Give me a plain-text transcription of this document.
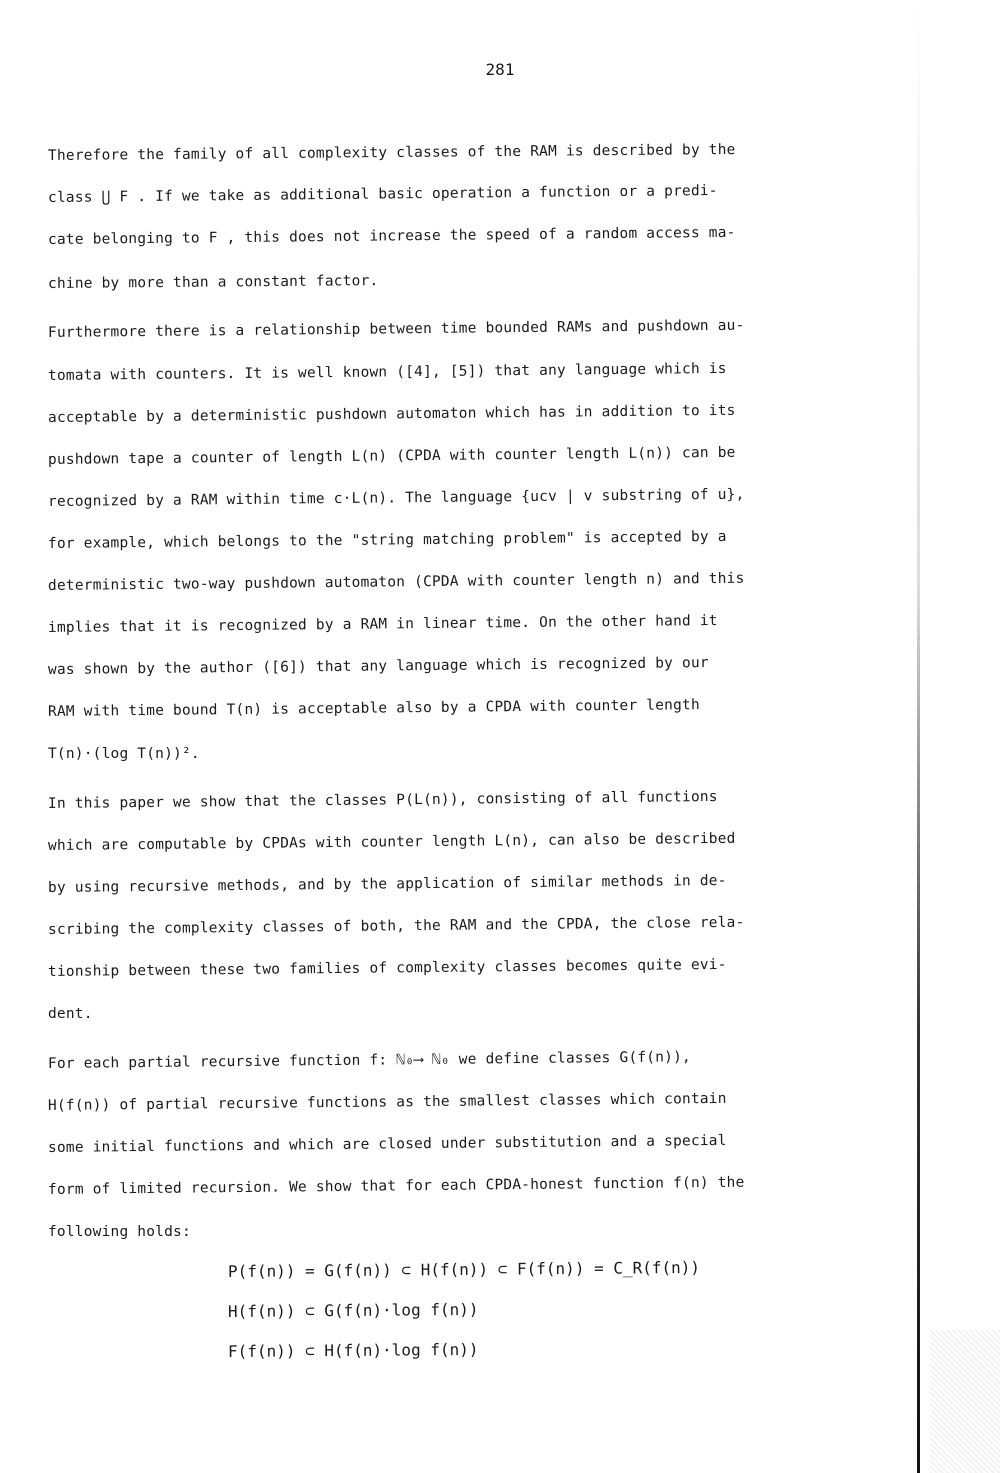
281
Therefore the family of all complexity classes of the RAM is described by the
class ⋃ F . If we take as additional basic operation a function or a predi-
cate belonging to F , this does not increase the speed of a random access ma-
chine by more than a constant factor.
Furthermore there is a relationship between time bounded RAMs and pushdown au-
tomata with counters. It is well known ([4], [5]) that any language which is
acceptable by a deterministic pushdown automaton which has in addition to its
pushdown tape a counter of length L(n) (CPDA with counter length L(n)) can be
recognized by a RAM within time c·L(n). The language {ucv | v substring of u},
for example, which belongs to the "string matching problem" is accepted by a
deterministic two-way pushdown automaton (CPDA with counter length n) and this
implies that it is recognized by a RAM in linear time. On the other hand it
was shown by the author ([6]) that any language which is recognized by our
RAM with time bound T(n) is acceptable also by a CPDA with counter length
T(n)·(log T(n))².
In this paper we show that the classes P(L(n)), consisting of all functions
which are computable by CPDAs with counter length L(n), can also be described
by using recursive methods, and by the application of similar methods in de-
scribing the complexity classes of both, the RAM and the CPDA, the close rela-
tionship between these two families of complexity classes becomes quite evi-
dent.
For each partial recursive function f: ℕ₀⟶ ℕ₀ we define classes G(f(n)),
H(f(n)) of partial recursive functions as the smallest classes which contain
some initial functions and which are closed under substitution and a special
form of limited recursion. We show that for each CPDA-honest function f(n) the
following holds:
P(f(n)) = G(f(n)) ⊂ H(f(n)) ⊂ F(f(n)) = C_R(f(n))
H(f(n)) ⊂ G(f(n)·log f(n))
F(f(n)) ⊂ H(f(n)·log f(n))
